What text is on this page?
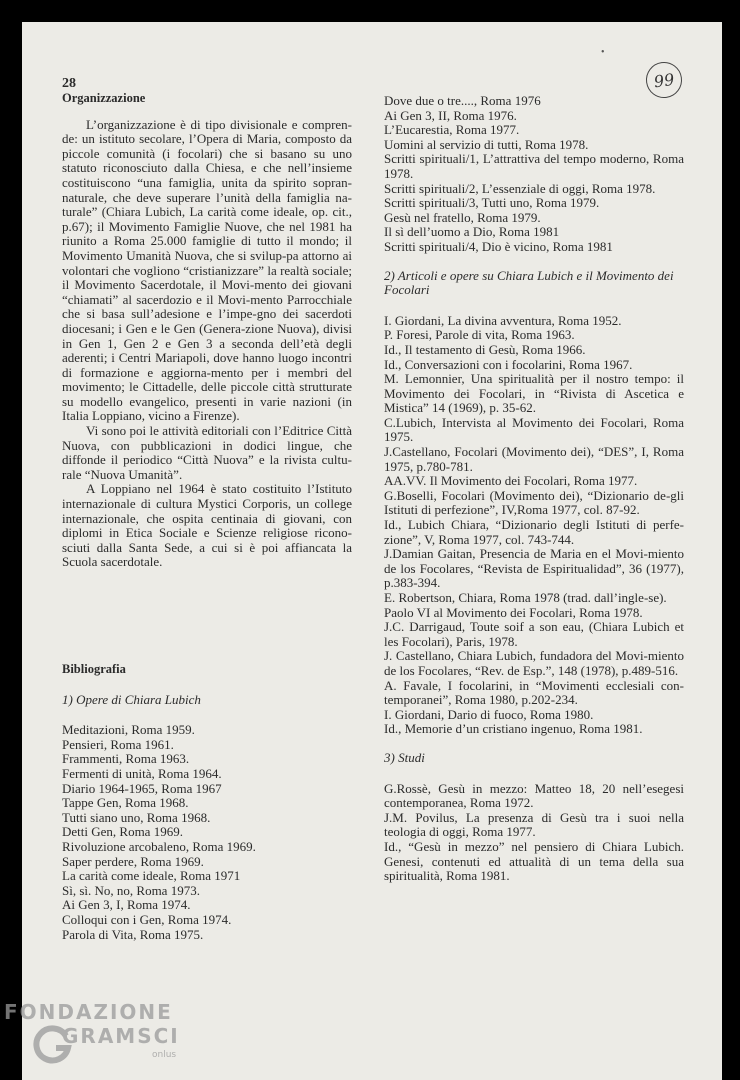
99
•
28
Organizzazione

L’organizzazione è di tipo divisionale e compren-de: un istituto secolare, l’Opera di Maria, composto da piccole comunità (i focolari) che si basano su uno statuto riconosciuto dalla Chiesa, e che nell’insieme costituiscono “una famiglia, unita da spirito sopran-naturale, che deve superare l’unità della famiglia na-turale” (Chiara Lubich, La carità come ideale, op. cit., p.67); il Movimento Famiglie Nuove, che nel 1981 ha riunito a Roma 25.000 famiglie di tutto il mondo; il Movimento Umanità Nuova, che si svilup-pa attorno ai volontari che vogliono “cristianizzare” la realtà sociale; il Movimento Sacerdotale, il Movi-mento dei giovani “chiamati” al sacerdozio e il Movi-mento Parrocchiale che si basa sull’adesione e l’impe-gno dei sacerdoti diocesani; i Gen e le Gen (Genera-zione Nuova), divisi in Gen 1, Gen 2 e Gen 3 a seconda dell’età degli aderenti; i Centri Mariapoli, dove hanno luogo incontri di formazione e aggiorna-mento per i membri del movimento; le Cittadelle, delle piccole città strutturate su modello evangelico, presenti in varie nazioni (in Italia Loppiano, vicino a Firenze).

Vi sono poi le attività editoriali con l’Editrice Città Nuova, con pubblicazioni in dodici lingue, che diffonde il periodico “Città Nuova” e la rivista cultu-rale “Nuova Umanità”.

A Loppiano nel 1964 è stato costituito l’Istituto internazionale di cultura Mystici Corporis, un college internazionale, che ospita centinaia di giovani, con diplomi in Etica Sociale e Scienze religiose ricono-sciuti dalla Santa Sede, a cui si è poi affiancata la Scuola sacerdotale.

Bibliografia
1) Opere di Chiara Lubich
Meditazioni, Roma 1959.
Pensieri, Roma 1961.
Frammenti, Roma 1963.
Fermenti di unità, Roma 1964.
Diario 1964-1965, Roma 1967
Tappe Gen, Roma 1968.
Tutti siano uno, Roma 1968.
Detti Gen, Roma 1969.
Rivoluzione arcobaleno, Roma 1969.
Saper perdere, Roma 1969.
La carità come ideale, Roma 1971
Sì, sì. No, no, Roma 1973.
Ai Gen 3, I, Roma 1974.
Colloqui con i Gen, Roma 1974.
Parola di Vita, Roma 1975.
Dove due o tre...., Roma 1976
Ai Gen 3, II, Roma 1976.
L’Eucarestia, Roma 1977.
Uomini al servizio di tutti, Roma 1978.
Scritti spirituali/1, L’attrattiva del tempo moderno, Roma 1978.
Scritti spirituali/2, L’essenziale di oggi, Roma 1978.
Scritti spirituali/3, Tutti uno, Roma 1979.
Gesù nel fratello, Roma 1979.
Il sì dell’uomo a Dio, Roma 1981
Scritti spirituali/4, Dio è vicino, Roma 1981
2) Articoli e opere su Chiara Lubich e il Movimento dei Focolari
I. Giordani, La divina avventura, Roma 1952.
P. Foresi, Parole di vita, Roma 1963.
Id., Il testamento di Gesù, Roma 1966.
Id., Conversazioni con i focolarini, Roma 1967.
M. Lemonnier, Una spiritualità per il nostro tempo: il Movimento dei Focolari, in “Rivista di Ascetica e Mistica” 14 (1969), p. 35-62.
C.Lubich, Intervista al Movimento dei Focolari, Roma 1975.
J.Castellano, Focolari (Movimento dei), “DES”, I, Roma 1975, p.780-781.
AA.VV. Il Movimento dei Focolari, Roma 1977.
G.Boselli, Focolari (Movimento dei), “Dizionario de-gli Istituti di perfezione”, IV,Roma 1977, col. 87-92.
Id., Lubich Chiara, “Dizionario degli Istituti di perfe-zione”, V, Roma 1977, col. 743-744.
J.Damian Gaitan, Presencia de Maria en el Movi-miento de los Focolares, “Revista de Espiritualidad”, 36 (1977), p.383-394.
E. Robertson, Chiara, Roma 1978 (trad. dall’ingle-se).
Paolo VI al Movimento dei Focolari, Roma 1978.
J.C. Darrigaud, Toute soif a son eau, (Chiara Lubich et les Focolari), Paris, 1978.
J. Castellano, Chiara Lubich, fundadora del Movi-miento de los Focolares, “Rev. de Esp.”, 148 (1978), p.489-516.
A. Favale, I focolarini, in “Movimenti ecclesiali con-temporanei”, Roma 1980, p.202-234.
I. Giordani, Dario di fuoco, Roma 1980.
Id., Memorie d’un cristiano ingenuo, Roma 1981.
3) Studi
G.Rossè, Gesù in mezzo: Matteo 18, 20 nell’esegesi contemporanea, Roma 1972.
J.M. Povilus, La presenza di Gesù tra i suoi nella teologia di oggi, Roma 1977.
Id., “Gesù in mezzo” nel pensiero di Chiara Lubich. Genesi, contenuti ed attualità di un tema della sua spiritualità, Roma 1981.
FONDAZIONE
GRAMSCI
onlus
